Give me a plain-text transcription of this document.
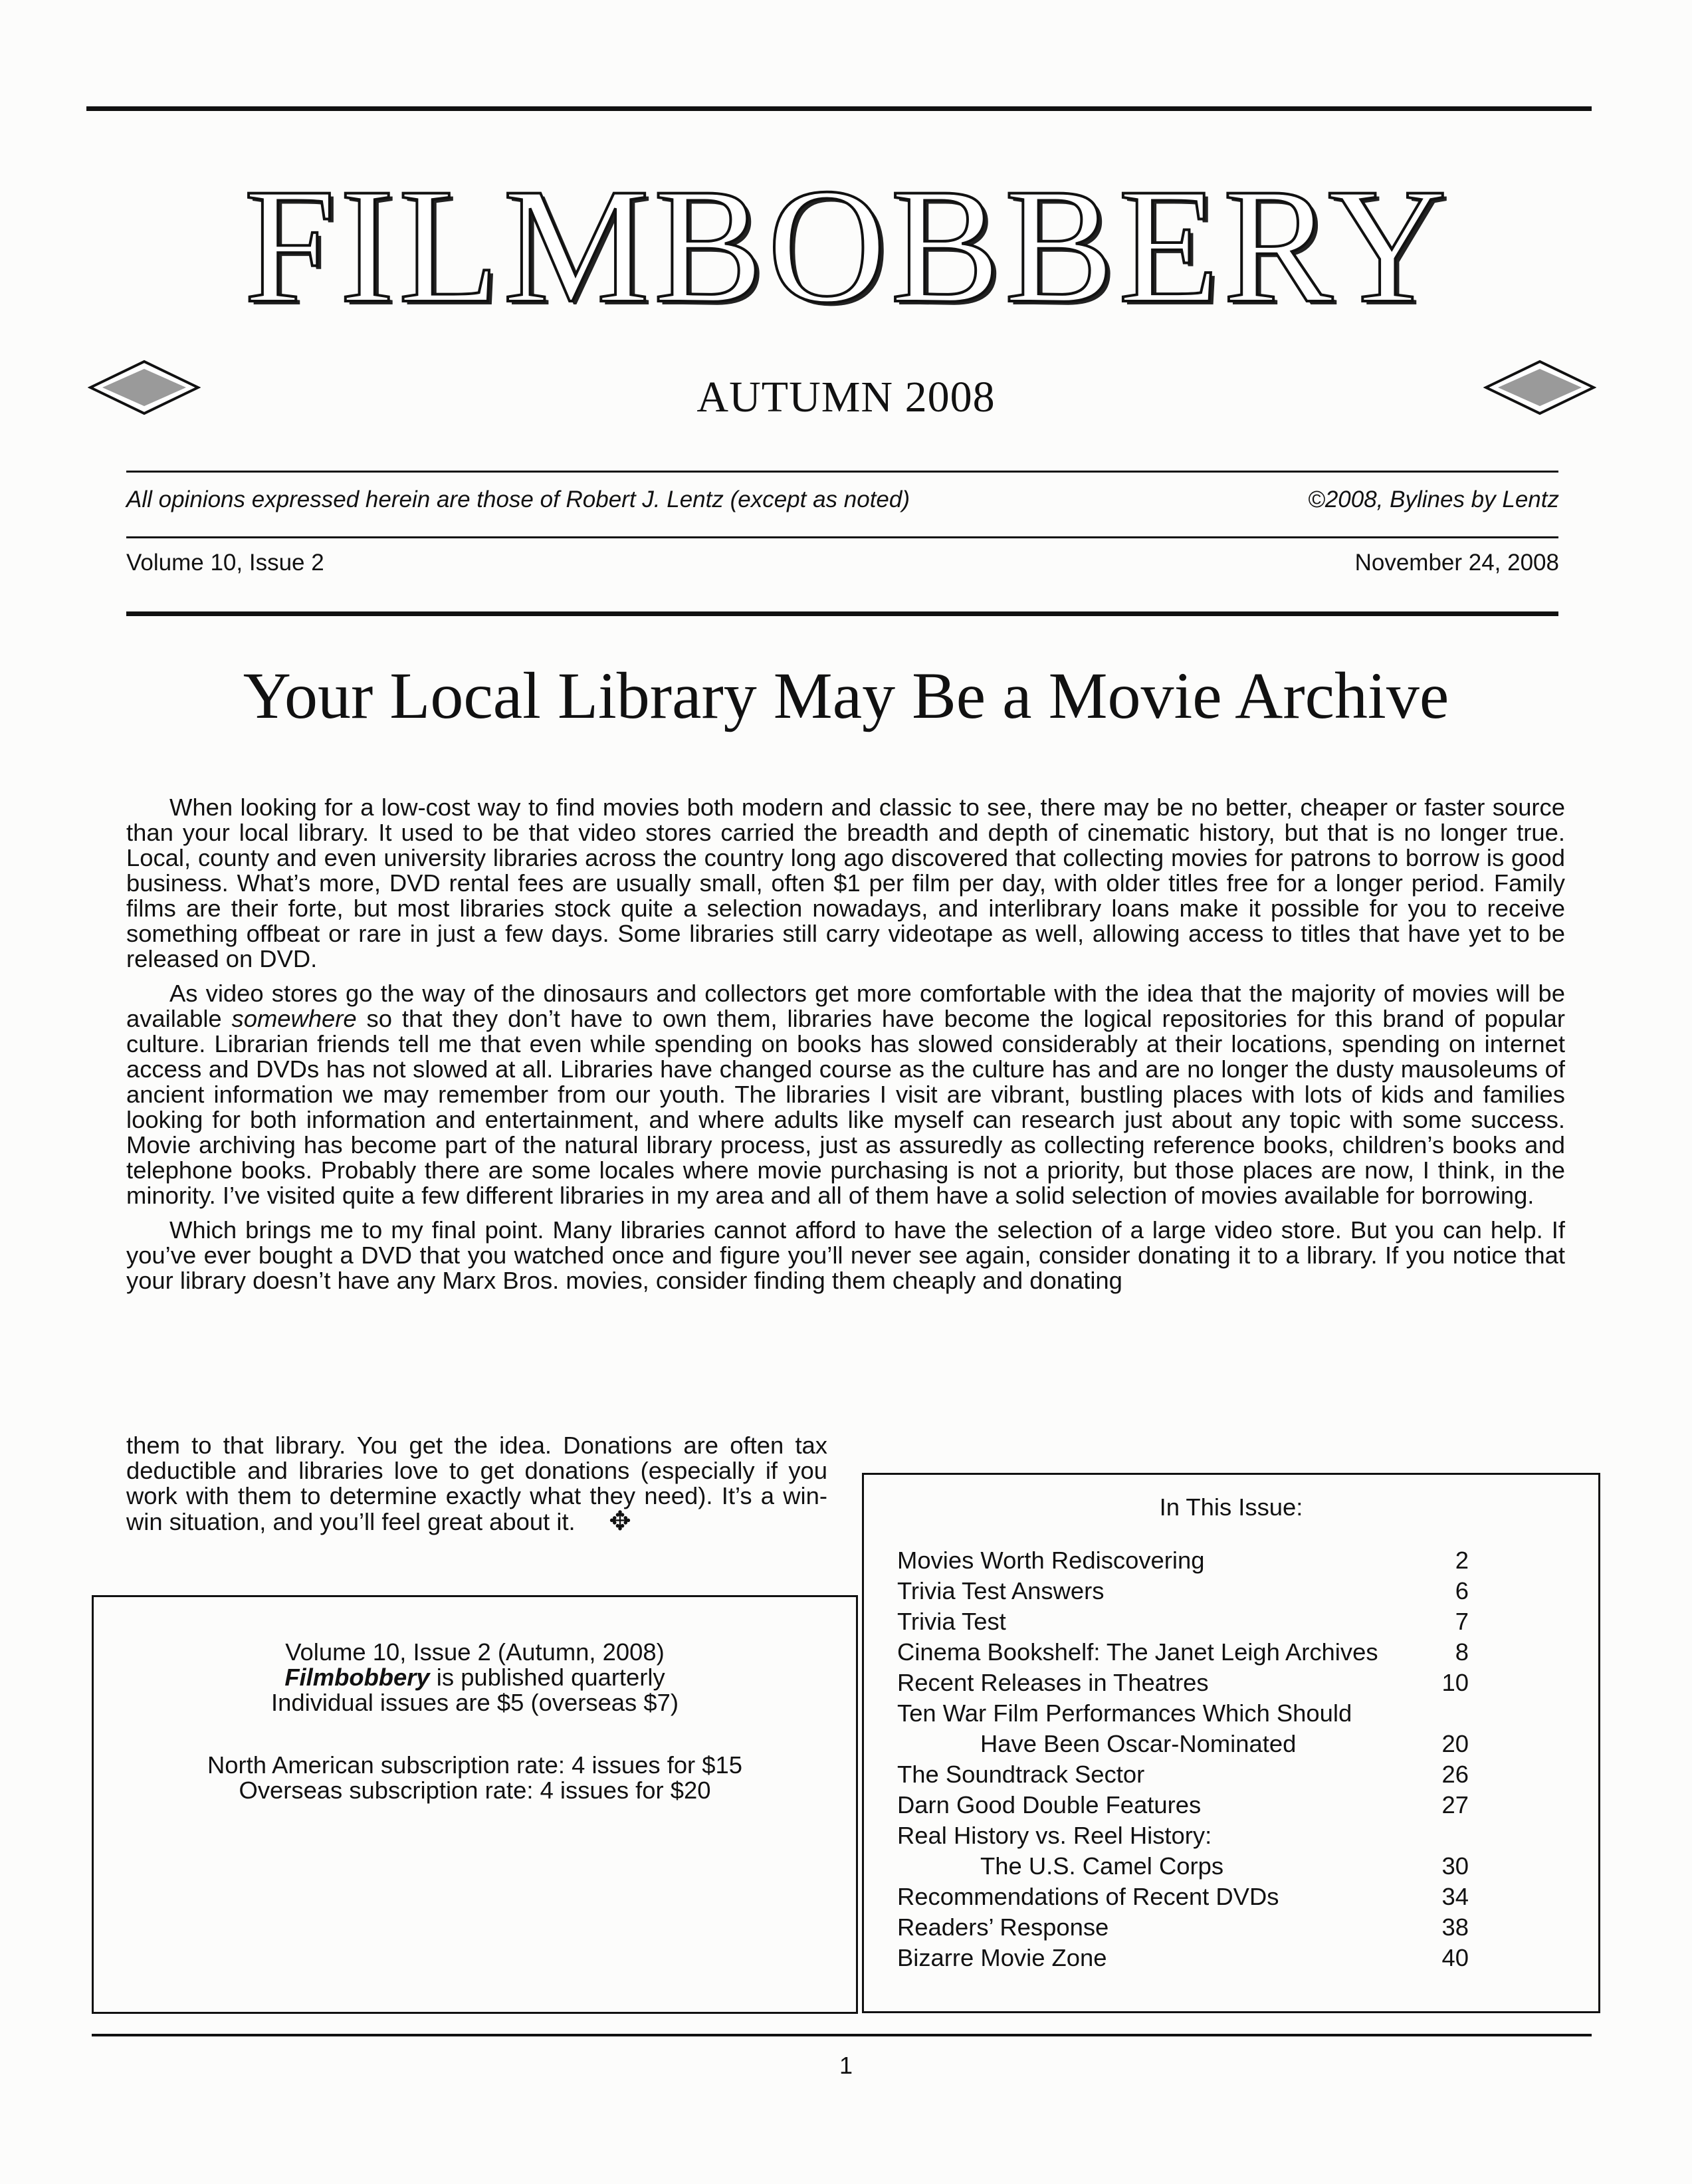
FILMBOBBERY
AUTUMN 2008
All opinions expressed herein are those of Robert J. Lentz (except as noted)	©2008, Bylines by Lentz
Volume 10, Issue 2	November 24, 2008
Your Local Library May Be a Movie Archive

When looking for a low-cost way to find movies both modern and classic to see, there may be no better, cheaper or faster source than your local library. It used to be that video stores carried the breadth and depth of cinematic history, but that is no longer true. Local, county and even university libraries across the country long ago discovered that collecting movies for patrons to borrow is good business. What’s more, DVD rental fees are usually small, often $1 per film per day, with older titles free for a longer period. Family films are their forte, but most libraries stock quite a selection nowadays, and interlibrary loans make it possible for you to receive something offbeat or rare in just a few days. Some libraries still carry videotape as well, allowing access to titles that have yet to be released on DVD.

As video stores go the way of the dinosaurs and collectors get more comfortable with the idea that the majority of movies will be available somewhere so that they don’t have to own them, libraries have become the logical repositories for this brand of popular culture. Librarian friends tell me that even while spending on books has slowed considerably at their locations, spending on internet access and DVDs has not slowed at all. Libraries have changed course as the culture has and are no longer the dusty mausoleums of ancient information we may remember from our youth. The libraries I visit are vibrant, bustling places with lots of kids and families looking for both information and entertainment, and where adults like myself can research just about any topic with some success. Movie archiving has become part of the natural library process, just as assuredly as collecting reference books, children’s books and telephone books. Probably there are some locales where movie purchasing is not a priority, but those places are now, I think, in the minority. I’ve visited quite a few different libraries in my area and all of them have a solid selection of movies available for borrowing.

Which brings me to my final point. Many libraries cannot afford to have the selection of a large video store. But you can help. If you’ve ever bought a DVD that you watched once and figure you’ll never see again, consider donating it to a library. If you notice that your library doesn’t have any Marx Bros. movies, consider finding them cheaply and donating

them to that library. You get the idea. Donations are often tax deductible and libraries love to get donations (especially if you work with them to determine exactly what they need). It’s a win-win situation, and you’ll feel great about it. ✥

Volume 10, Issue 2 (Autumn, 2008)
Filmbobbery is published quarterly
Individual issues are $5 (overseas $7)
North American subscription rate: 4 issues for $15
Overseas subscription rate: 4 issues for $20
In This Issue:
Movies Worth Rediscovering	2
Trivia Test Answers	6
Trivia Test	7
Cinema Bookshelf: The Janet Leigh Archives	8
Recent Releases in Theatres	10
Ten War Film Performances Which Should
Have Been Oscar-Nominated	20
The Soundtrack Sector	26
Darn Good Double Features	27
Real History vs. Reel History:
The U.S. Camel Corps	30
Recommendations of Recent DVDs	34
Readers’ Response	38
Bizarre Movie Zone	40
1
